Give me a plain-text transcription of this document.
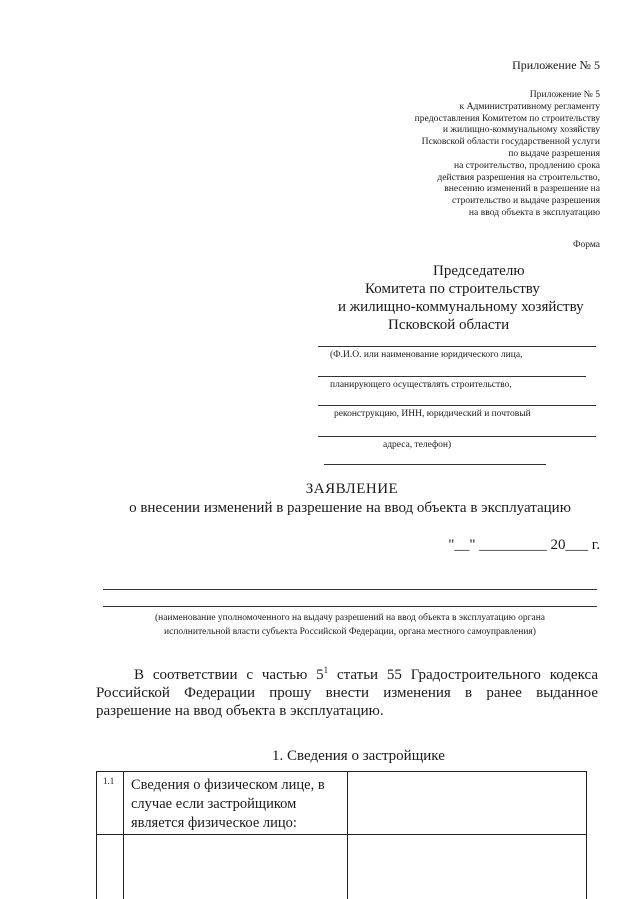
Приложение № 5
Приложение № 5
к Административному регламенту
предоставления Комитетом по строительству
и жилищно-коммунальному хозяйству
Псковской области государственной услуги
по выдаче разрешения
на строительство, продлению срока
действия разрешения на строительство,
внесению изменений в разрешение на
строительство и выдаче разрешения
на ввод объекта в эксплуатацию
Форма
Председателю
Комитета по строительству
и жилищно-коммунальному хозяйству
Псковской области
(Ф.И.О. или наименование юридического лица,
планирующего осуществлять строительство,
реконструкцию, ИНН, юридический и почтовый
адреса, телефон)
ЗАЯВЛЕНИЕ
о внесении изменений в разрешение на ввод объекта в эксплуатацию
"__" _________ 20___ г.
(наименование уполномоченного на выдачу разрешений на ввод объекта в эксплуатацию органа
исполнительной власти субъекта Российской Федерации, органа местного самоуправления)
В соответствии с частью $5^1$ статьи 55 Градостроительного кодекса
Российской Федерации прошу внести изменения в ранее выданное
разрешение на ввод объекта в эксплуатацию.
1. Сведения о застройщике
1.1 Сведения о физическом лице, в
случае если застройщиком
является физическое лицо:
